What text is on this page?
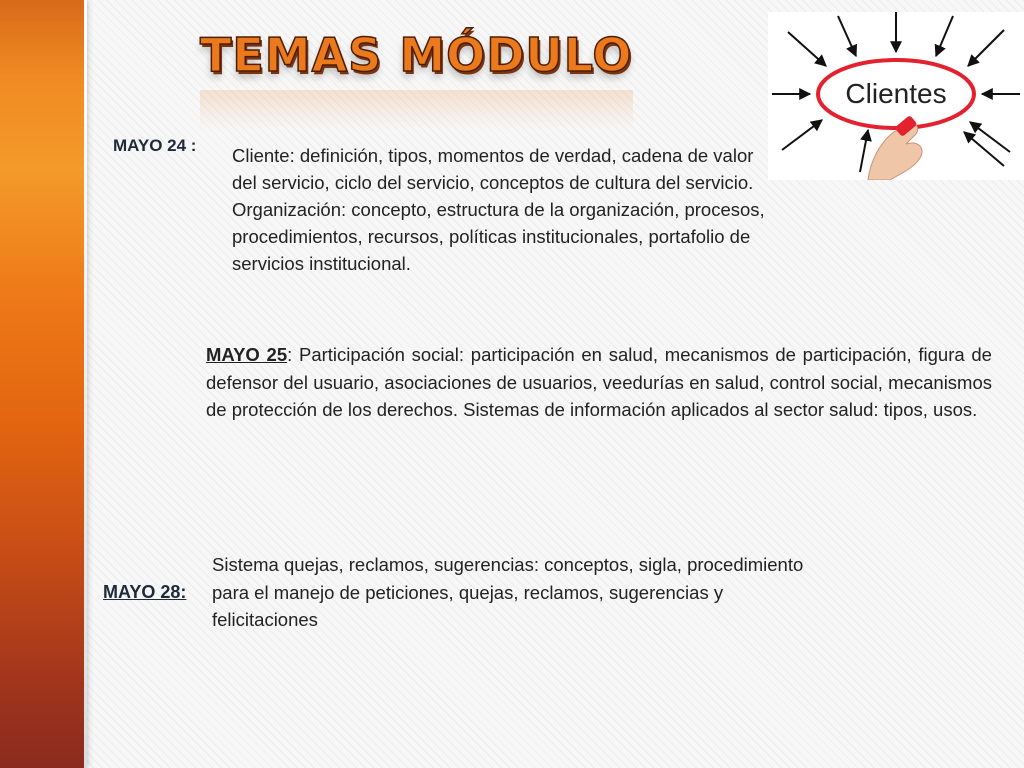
TEMAS MÓDULO
Clientes
MAYO 24 : Cliente: definición, tipos, momentos de verdad, cadena de valor
del servicio, ciclo del servicio, conceptos de cultura del servicio.
Organización: concepto, estructura de la organización, procesos,
procedimientos, recursos, políticas institucionales, portafolio de
servicios institucional.

MAYO 25: Participación social: participación en salud, mecanismos de participación, figura de defensor del usuario, asociaciones de usuarios, veedurías en salud, control social, mecanismos de protección de los derechos. Sistemas de información aplicados al sector salud: tipos, usos.

MAYO 28:
Sistema quejas, reclamos, sugerencias: conceptos, sigla, procedimiento
para el manejo de peticiones, quejas, reclamos, sugerencias y
felicitaciones
